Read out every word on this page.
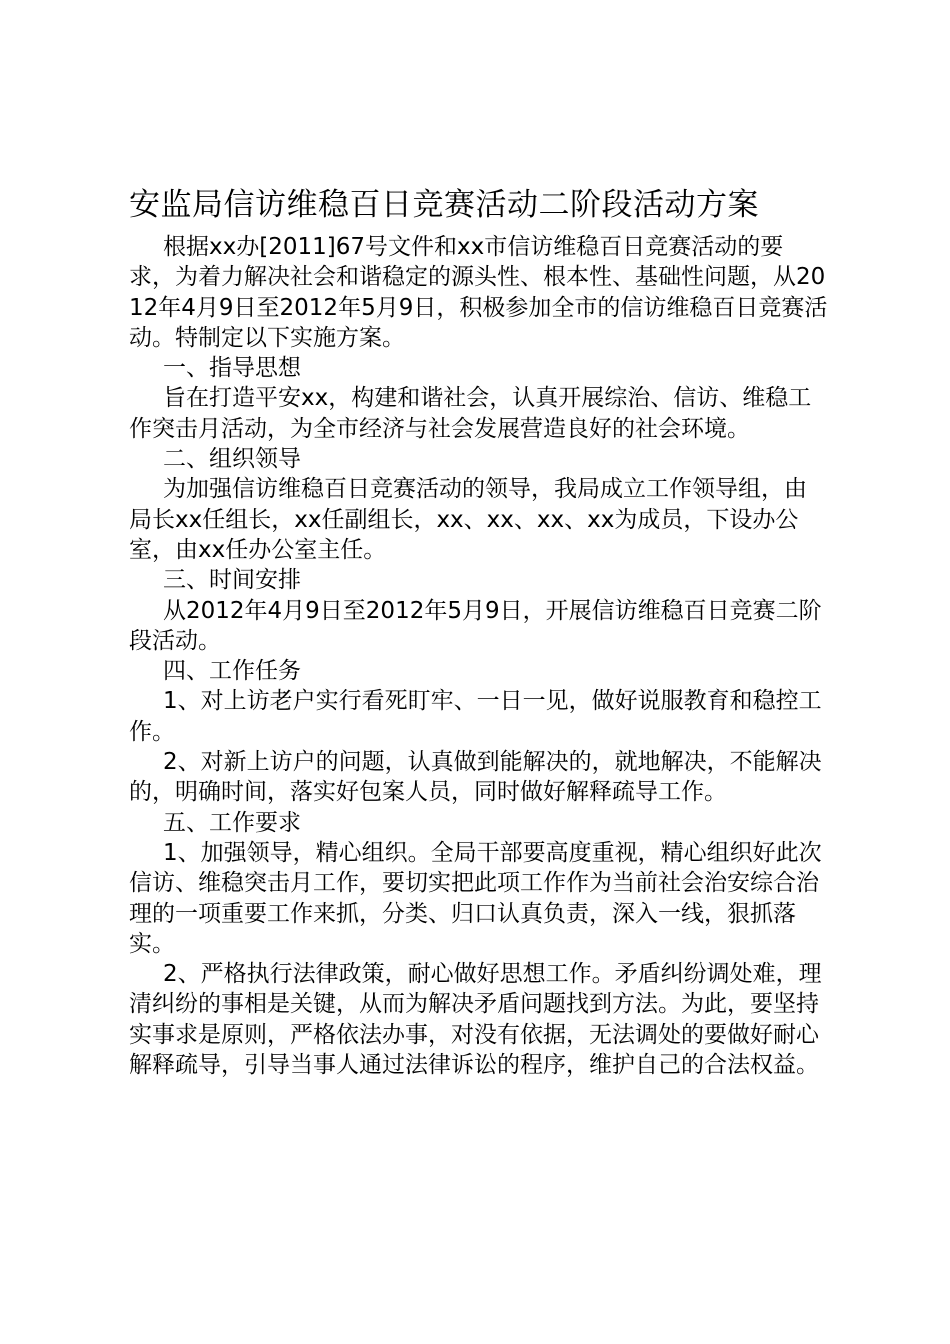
安监局信访维稳百日竞赛活动二阶段活动方案

根据xx办[2011]67号文件和xx市信访维稳百日竞赛活动的要求，为着力解决社会和谐稳定的源头性、根本性、基础性问题，从2012年4月9日至2012年5月9日，积极参加全市的信访维稳百日竞赛活动。特制定以下实施方案。

一、指导思想

旨在打造平安xx，构建和谐社会，认真开展综治、信访、维稳工作突击月活动，为全市经济与社会发展营造良好的社会环境。

二、组织领导

为加强信访维稳百日竞赛活动的领导，我局成立工作领导组，由局长xx任组长，xx任副组长，xx、xx、xx、xx为成员，下设办公室，由xx任办公室主任。

三、时间安排

从2012年4月9日至2012年5月9日，开展信访维稳百日竞赛二阶段活动。

四、工作任务

1、对上访老户实行看死盯牢、一日一见，做好说服教育和稳控工作。

2、对新上访户的问题，认真做到能解决的，就地解决，不能解决的，明确时间，落实好包案人员，同时做好解释疏导工作。

五、工作要求

1、加强领导，精心组织。全局干部要高度重视，精心组织好此次信访、维稳突击月工作，要切实把此项工作作为当前社会治安综合治理的一项重要工作来抓，分类、归口认真负责，深入一线，狠抓落实。

2、严格执行法律政策，耐心做好思想工作。矛盾纠纷调处难，理清纠纷的事相是关键，从而为解决矛盾问题找到方法。为此，要坚持实事求是原则，严格依法办事，对没有依据，无法调处的要做好耐心解释疏导，引导当事人通过法律诉讼的程序，维护自己的合法权益。
